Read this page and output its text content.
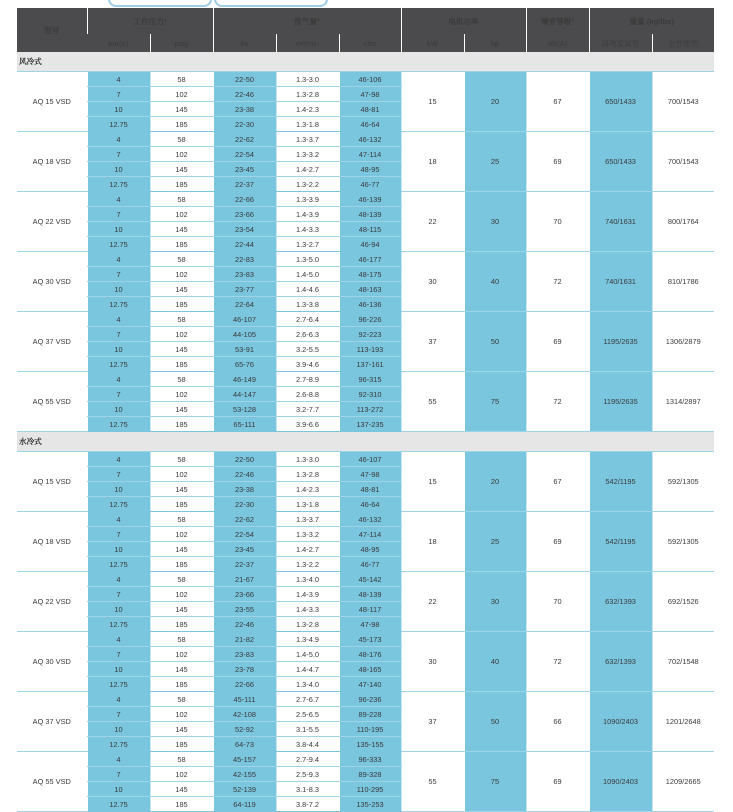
型号	工作压力¹		排气量²			电机功率		噪音等级³	重量 (kg/lbs)	
	bar(e)	psig	l/s	m³/min	cfm	kW	hp	dB(A)	落地安装型	全性能型
风冷式										
AQ 15 VSD	4	58	22-50	1.3-3.0	46-106	15	20	67	650/1433	700/1543
	7	102	22-46	1.3-2.8	47-98					
	10	145	23-38	1.4-2.3	48-81					
	12.75	185	22-30	1.3-1.8	46-64					
AQ 18 VSD	4	58	22-62	1.3-3.7	46-132	18	25	69	650/1433	700/1543
	7	102	22-54	1.3-3.2	47-114					
	10	145	23-45	1.4-2.7	48-95					
	12.75	185	22-37	1.3-2.2	46-77					
AQ 22 VSD	4	58	22-66	1.3-3.9	46-139	22	30	70	740/1631	800/1764
	7	102	23-66	1.4-3.9	48-139					
	10	145	23-54	1.4-3.3	48-115					
	12.75	185	22-44	1.3-2.7	46-94					
AQ 30 VSD	4	58	22-83	1.3-5.0	46-177	30	40	72	740/1631	810/1786
	7	102	23-83	1.4-5.0	48-175					
	10	145	23-77	1.4-4.6	48-163					
	12.75	185	22-64	1.3-3.8	46-136					
AQ 37 VSD	4	58	46-107	2.7-6.4	96-226	37	50	69	1195/2635	1306/2879
	7	102	44-105	2.6-6.3	92-223					
	10	145	53-91	3.2-5.5	113-193					
	12.75	185	65-76	3.9-4.6	137-161					
AQ 55 VSD	4	58	46-149	2.7-8.9	96-315	55	75	72	1195/2635	1314/2897
	7	102	44-147	2.6-8.8	92-310					
	10	145	53-128	3.2-7.7	113-272					
	12.75	185	65-111	3.9-6.6	137-235					
水冷式										
AQ 15 VSD	4	58	22-50	1.3-3.0	46-107	15	20	67	542/1195	592/1305
	7	102	22-46	1.3-2.8	47-98					
	10	145	23-38	1.4-2.3	48-81					
	12.75	185	22-30	1.3-1.8	46-64					
AQ 18 VSD	4	58	22-62	1.3-3.7	46-132	18	25	69	542/1195	592/1305
	7	102	22-54	1.3-3.2	47-114					
	10	145	23-45	1.4-2.7	48-95					
	12.75	185	22-37	1.3-2.2	46-77					
AQ 22 VSD	4	58	21-67	1.3-4.0	45-142	22	30	70	632/1393	692/1526
	7	102	23-66	1.4-3.9	48-139					
	10	145	23-55	1.4-3.3	48-117					
	12.75	185	22-46	1.3-2.8	47-98					
AQ 30 VSD	4	58	21-82	1.3-4.9	45-173	30	40	72	632/1393	702/1548
	7	102	23-83	1.4-5.0	48-176					
	10	145	23-78	1.4-4.7	48-165					
	12.75	185	22-66	1.3-4.0	47-140					
AQ 37 VSD	4	58	45-111	2.7-6.7	96-236	37	50	66	1090/2403	1201/2648
	7	102	42-108	2.5-6.5	89-228					
	10	145	52-92	3.1-5.5	110-195					
	12.75	185	64-73	3.8-4.4	135-155					
AQ 55 VSD	4	58	45-157	2.7-9.4	96-333	55	75	69	1090/2403	1209/2665
	7	102	42-155	2.5-9.3	89-328					
	10	145	52-139	3.1-8.3	110-295					
	12.75	185	64-119	3.8-7.2	135-253					
